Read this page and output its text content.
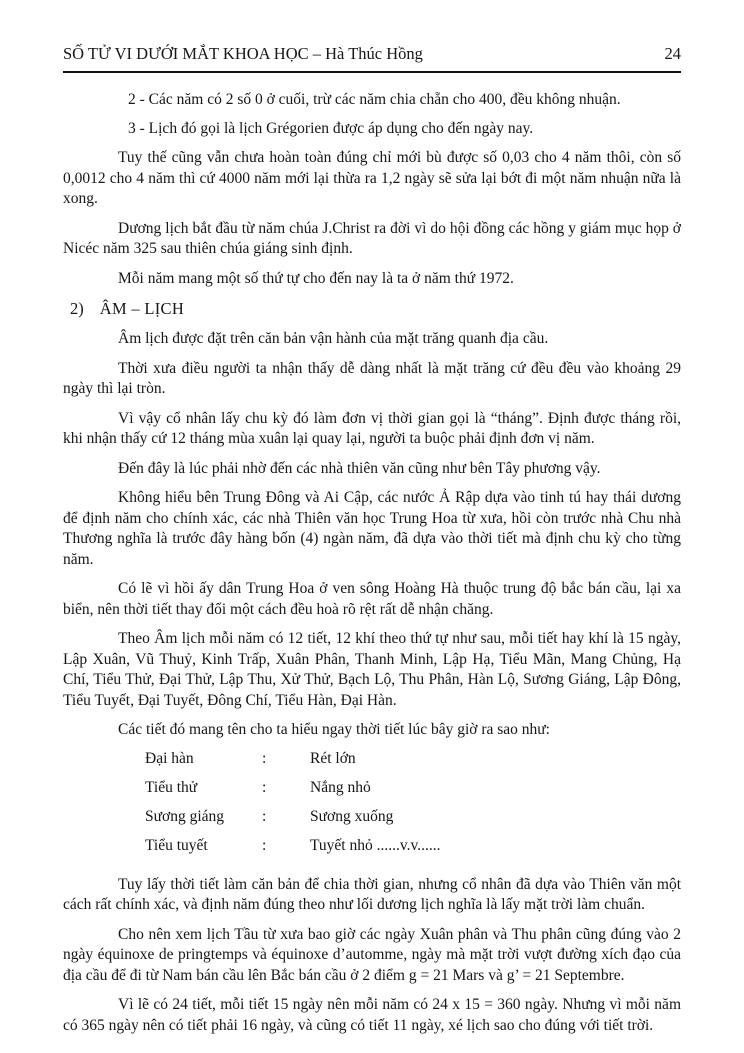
SỐ TỬ VI DƯỚI MẮT KHOA HỌC – Hà Thúc Hồng	24
2 - Các năm có 2 số 0 ở cuối, trừ các năm chia chẵn cho 400, đều không nhuận.
3 - Lịch đó gọi là lịch Grégorien được áp dụng cho đến ngày nay.

Tuy thế cũng vẫn chưa hoàn toàn đúng chỉ mới bù được số 0,03 cho 4 năm thôi, còn số 0,0012 cho 4 năm thì cứ 4000 năm mới lại thừa ra 1,2 ngày sẽ sửa lại bớt đi một năm nhuận nữa là xong.

Dương lịch bắt đầu từ năm chúa J.Christ ra đời vì do hội đồng các hồng y giám mục họp ở Nicéc năm 325 sau thiên chúa giáng sinh định.

Mỗi năm mang một số thứ tự cho đến nay là ta ở năm thứ 1972.

2) ÂM – LỊCH

Âm lịch được đặt trên căn bản vận hành của mặt trăng quanh địa cầu.

Thời xưa điều người ta nhận thấy dễ dàng nhất là mặt trăng cứ đều đều vào khoảng 29 ngày thì lại tròn.

Vì vậy cổ nhân lấy chu kỳ đó làm đơn vị thời gian gọi là “tháng”. Định được tháng rồi, khi nhận thấy cứ 12 tháng mùa xuân lại quay lại, người ta buộc phải định đơn vị năm.

Đến đây là lúc phải nhờ đến các nhà thiên văn cũng như bên Tây phương vậy.

Không hiểu bên Trung Đông và Ai Cập, các nước Ả Rập dựa vào tinh tú hay thái dương để định năm cho chính xác, các nhà Thiên văn học Trung Hoa từ xưa, hồi còn trước nhà Chu nhà Thương nghĩa là trước đây hàng bốn (4) ngàn năm, đã dựa vào thời tiết mà định chu kỳ cho từng năm.

Có lẽ vì hồi ấy dân Trung Hoa ở ven sông Hoàng Hà thuộc trung độ bắc bán cầu, lại xa biển, nên thời tiết thay đổi một cách đều hoà rõ rệt rất dễ nhận chăng.

Theo Âm lịch mỗi năm có 12 tiết, 12 khí theo thứ tự như sau, mỗi tiết hay khí là 15 ngày, Lập Xuân, Vũ Thuỷ, Kinh Trấp, Xuân Phân, Thanh Minh, Lập Hạ, Tiểu Mãn, Mang Chủng, Hạ Chí, Tiểu Thử, Đại Thử, Lập Thu, Xử Thử, Bạch Lộ, Thu Phân, Hàn Lộ, Sương Giáng, Lập Đông, Tiểu Tuyết, Đại Tuyết, Đông Chí, Tiểu Hàn, Đại Hàn.

Các tiết đó mang tên cho ta hiểu ngay thời tiết lúc bây giờ ra sao như:

Đại hàn	:	Rét lớn
Tiểu thử	:	Nắng nhỏ
Sương giáng	:	Sương xuống
Tiểu tuyết	:	Tuyết nhỏ ......v.v......

Tuy lấy thời tiết làm căn bản để chia thời gian, nhưng cổ nhân đã dựa vào Thiên văn một cách rất chính xác, và định năm đúng theo như lối dương lịch nghĩa là lấy mặt trời làm chuẩn.

Cho nên xem lịch Tầu từ xưa bao giờ các ngày Xuân phân và Thu phân cũng đúng vào 2 ngày équinoxe de pringtemps và équinoxe d’automme, ngày mà mặt trời vượt đường xích đạo của địa cầu để đi từ Nam bán cầu lên Bắc bán cầu ở 2 điểm g = 21 Mars và g’ = 21 Septembre.

Vì lẽ có 24 tiết, mỗi tiết 15 ngày nên mỗi năm có 24 x 15 = 360 ngày. Nhưng vì mỗi năm có 365 ngày nên có tiết phải 16 ngày, và cũng có tiết 11 ngày, xé lịch sao cho đúng với tiết trời.
